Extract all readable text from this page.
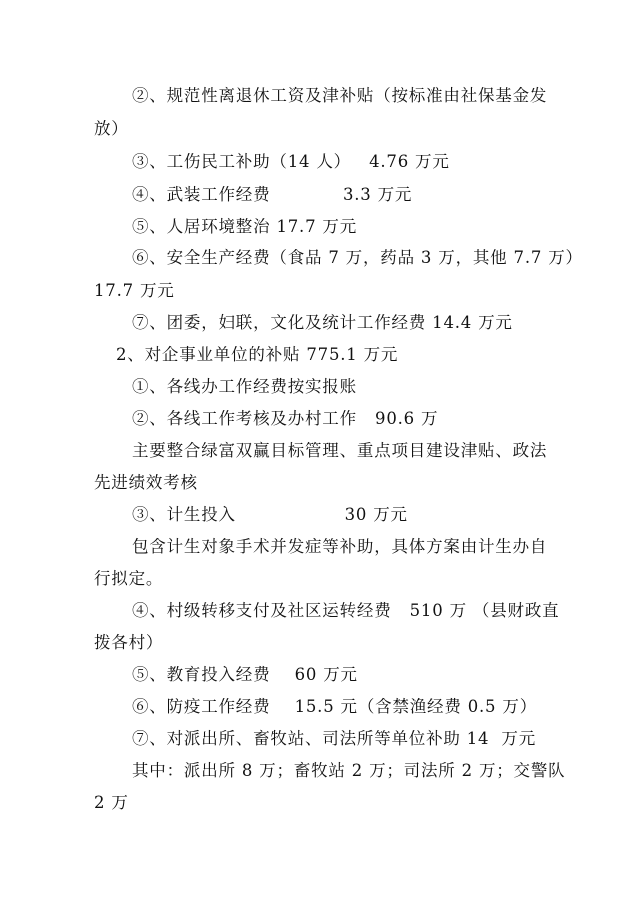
②、规范性离退休工资及津补贴（按标准由社保基金发
放）
③、工伤民工补助（14 人）   4.76 万元
④、武装工作经费            3.3 万元
⑤、人居环境整治 17.7 万元
⑥、安全生产经费（食品 7 万，药品 3 万，其他 7.7 万）
17.7 万元
⑦、团委，妇联，文化及统计工作经费 14.4 万元
2、对企事业单位的补贴 775.1 万元
①、各线办工作经费按实报账
②、各线工作考核及办村工作   90.6 万
主要整合绿富双赢目标管理、重点项目建设津贴、政法
先进绩效考核
③、计生投入                  30 万元
包含计生对象手术并发症等补助，具体方案由计生办自
行拟定。
④、村级转移支付及社区运转经费   510 万 （县财政直
拨各村）
⑤、教育投入经费    60 万元
⑥、防疫工作经费    15.5 元（含禁渔经费 0.5 万）
⑦、对派出所、畜牧站、司法所等单位补助 14  万元
其中：派出所 8 万；畜牧站 2 万；司法所 2 万；交警队
2 万
